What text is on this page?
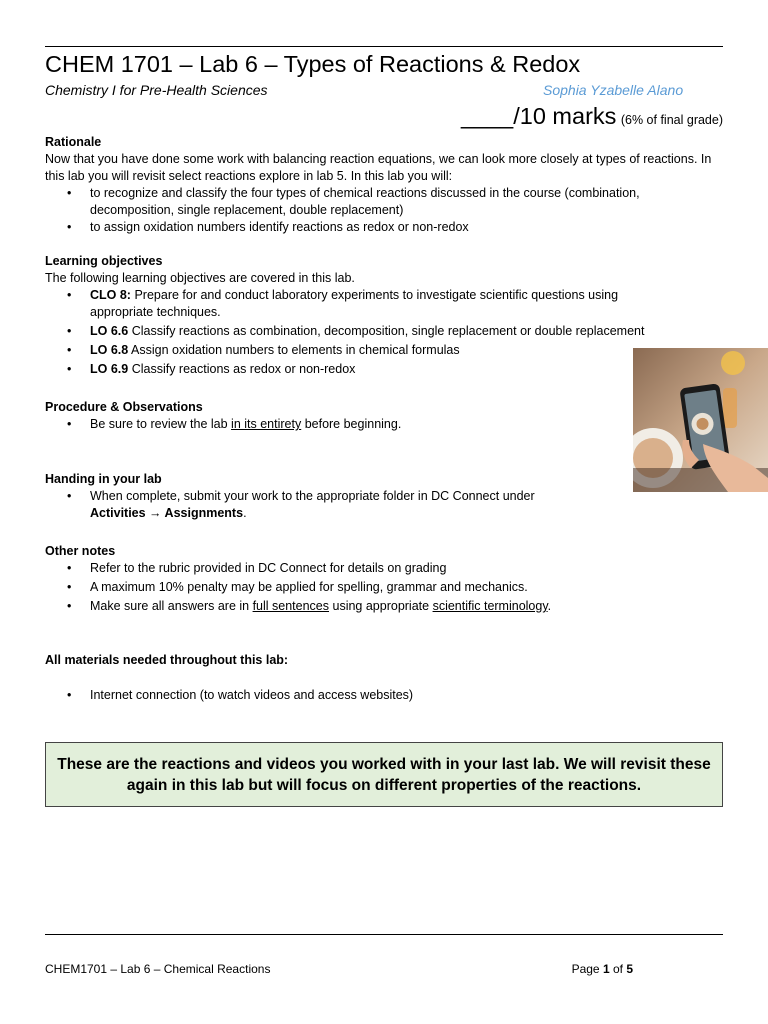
CHEM 1701 – Lab 6 – Types of Reactions & Redox
Chemistry I for Pre-Health Sciences	Sophia Yzabelle Alano
____/10 marks (6% of final grade)
Rationale
Now that you have done some work with balancing reaction equations, we can look more closely at types of reactions. In this lab you will revisit select reactions explore in lab 5. In this lab you will:
• to recognize and classify the four types of chemical reactions discussed in the course (combination, decomposition, single replacement, double replacement)
• to assign oxidation numbers identify reactions as redox or non-redox
Learning objectives
The following learning objectives are covered in this lab.
• CLO 8: Prepare for and conduct laboratory experiments to investigate scientific questions using appropriate techniques.
• LO 6.6 Classify reactions as combination, decomposition, single replacement or double replacement
• LO 6.8 Assign oxidation numbers to elements in chemical formulas
• LO 6.9 Classify reactions as redox or non-redox
Procedure & Observations
• Be sure to review the lab in its entirety before beginning.
Handing in your lab
• When complete, submit your work to the appropriate folder in DC Connect under
Activities → Assignments.
Other notes
• Refer to the rubric provided in DC Connect for details on grading
• A maximum 10% penalty may be applied for spelling, grammar and mechanics.
• Make sure all answers are in full sentences using appropriate scientific terminology.
All materials needed throughout this lab:
• Internet connection (to watch videos and access websites)
These are the reactions and videos you worked with in your last lab. We will revisit these again in this lab but will focus on different properties of the reactions.
CHEM1701 – Lab 6 – Chemical Reactions	Page 1 of 5
